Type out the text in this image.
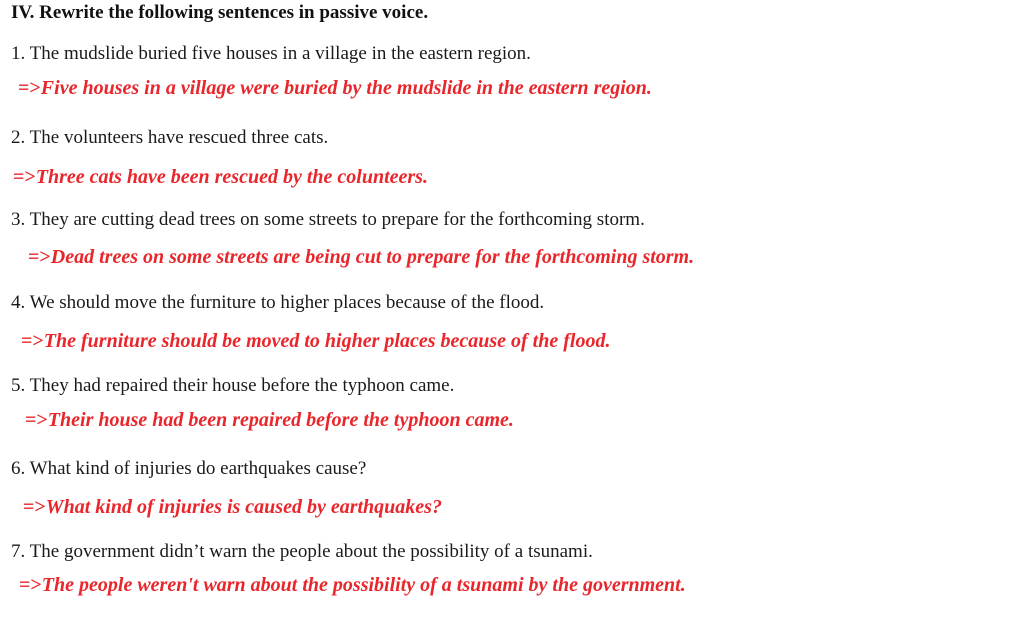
IV. Rewrite the following sentences in passive voice.
1. The mudslide buried five houses in a village in the eastern region.
=>Five houses in a village were buried by the mudslide in the eastern region.
2. The volunteers have rescued three cats.
=>Three cats have been rescued by the colunteers.
3. They are cutting dead trees on some streets to prepare for the forthcoming storm.
=>Dead trees on some streets are being cut to prepare for the forthcoming storm.
4. We should move the furniture to higher places because of the flood.
=>The furniture should be moved to higher places because of the flood.
5. They had repaired their house before the typhoon came.
=>Their house had been repaired before the typhoon came.
6. What kind of injuries do earthquakes cause?
=>What kind of injuries is caused by earthquakes?
7. The government didn’t warn the people about the possibility of a tsunami.
=>The people weren't warn about the possibility of a tsunami by the government.
